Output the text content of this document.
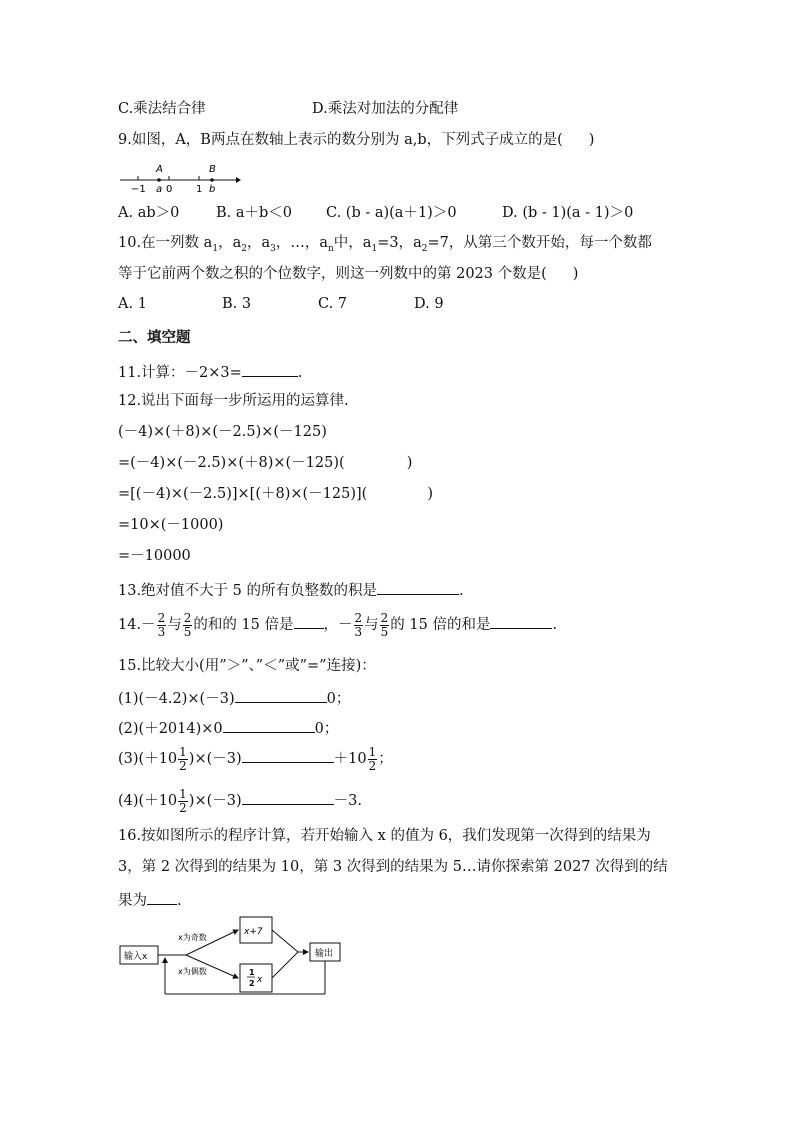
C.乘法结合律	D.乘法对加法的分配律
9.如图，A，B两点在数轴上表示的数分别为 a,b，下列式子成立的是( )
A	B
−1 a 0 1 b
A. ab＞0	B. a＋b＜0 C. (b - a)(a＋1)＞0	D. (b - 1)(a - 1)＞0
10.在一列数 $a_1$，$a_2$，$a_3$，…，$a_n$中，$a_1=3$，$a_2=7$，从第三个数开始，每一个数都
等于它前两个数之积的个位数字，则这一列数中的第 2023 个数是( )
A. 1	B. 3	C. 7	D. 9
二、填空题
11.计算：－2×3=	.
12.说出下面每一步所运用的运算律.
(－4)×(＋8)×(－2.5)×(－125)
=(－4)×(－2.5)×(＋8)×(－125)(	)
=[(－4)×(－2.5)]×[(＋8)×(－125)](	)
=10×(－1000)
=－10000
13.绝对值不大于 5 的所有负整数的积是	.
$14.- \frac{2}{3}$ 与 $\frac{2}{5}$ 的和的 15 倍是 ，－ $\frac{2}{3}$ 与 $\frac{2}{5}$ 的 15 倍的和是	.
15.比较大小(用”＞”、”＜”或”=”连接)：
(1)(－4.2)×(－3)	0；
(2)(＋2014)×0	0；
$(3)(+10 \frac{1}{2} )\times(-3)$	$+10 \frac{1}{2}$ ；
$(4)(+10 \frac{1}{2} )\times(-3)$	－3.
16.按如图所示的程序计算，若开始输入 x 的值为 6，我们发现第一次得到的结果为
3，第 2 次得到的结果为 10，第 3 次得到的结果为 5…请你探索第 2027 次得到的结
果为 .
输入x
x为奇数
x为偶数
x+7
1
2 x
输出
